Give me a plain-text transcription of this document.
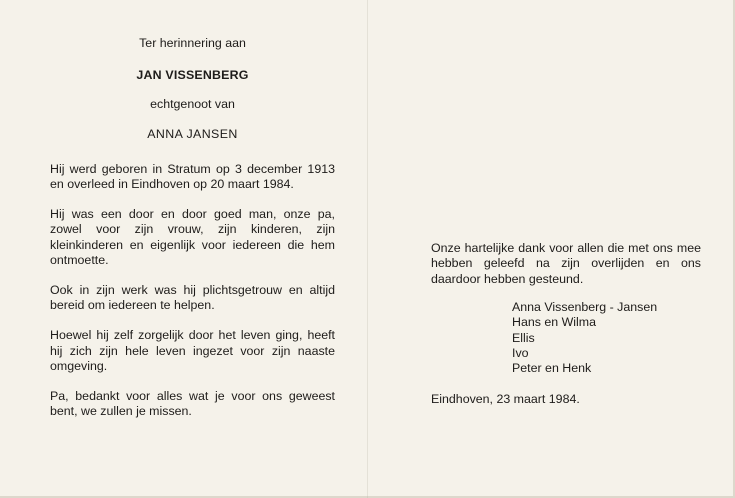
Ter herinnering aan
JAN VISSENBERG
echtgenoot van
ANNA JANSEN

Hij werd geboren in Stratum op 3 december 1913 en overleed in Eindhoven op 20 maart 1984.

Hij was een door en door goed man, onze pa, zowel voor zijn vrouw, zijn kinderen, zijn kleinkinderen en eigenlijk voor iedereen die hem ontmoette.

Ook in zijn werk was hij plichtsgetrouw en altijd bereid om iedereen te helpen.

Hoewel hij zelf zorgelijk door het leven ging, heeft hij zich zijn hele leven ingezet voor zijn naaste omgeving.

Pa, bedankt voor alles wat je voor ons geweest bent, we zullen je missen.

Onze hartelijke dank voor allen die met ons mee hebben geleefd na zijn overlijden en ons daardoor hebben gesteund.

Anna Vissenberg - Jansen
Hans en Wilma
Ellis
Ivo
Peter en Henk
Eindhoven, 23 maart 1984.
